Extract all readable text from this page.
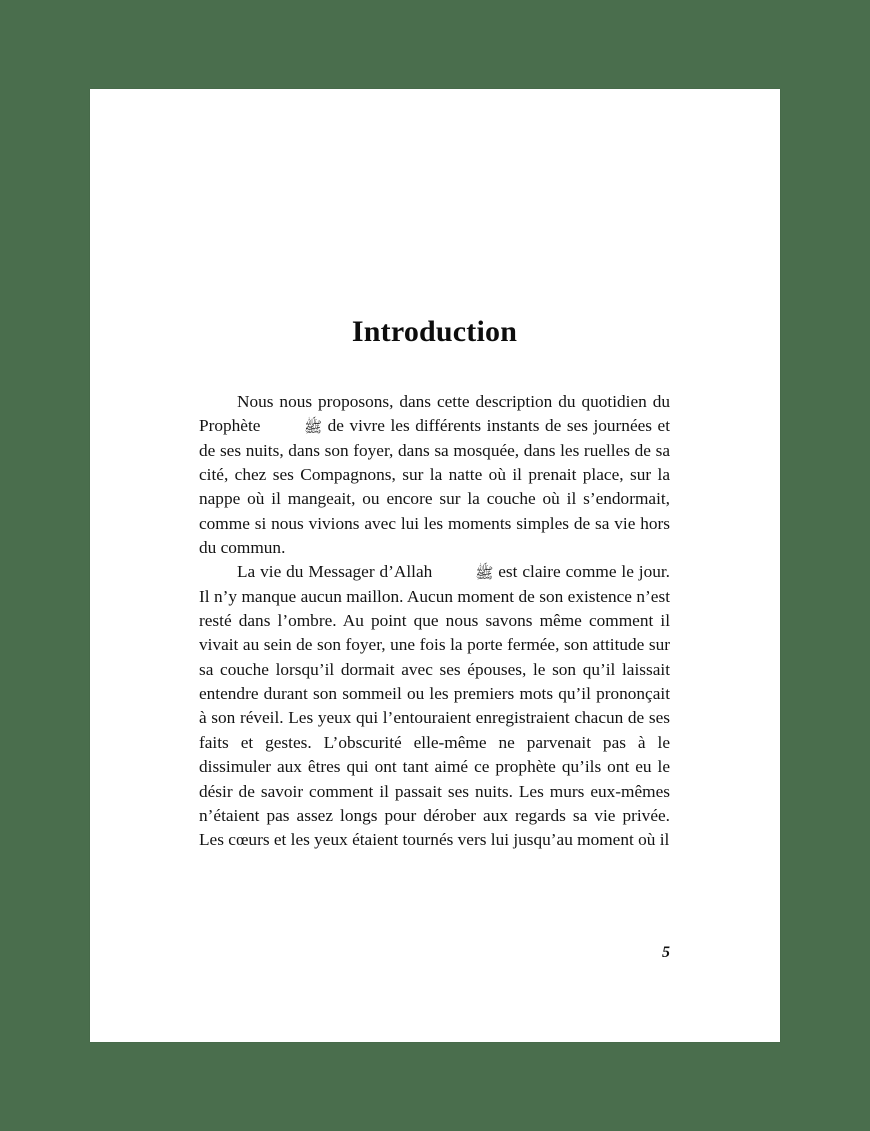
Introduction

Nous nous proposons, dans cette description du quotidien du Prophète	ﷺ de vivre les différents instants de ses journées et de ses nuits, dans son foyer, dans sa mosquée, dans les ruelles de sa cité, chez ses Compagnons, sur la natte où il prenait place, sur la nappe où il mangeait, ou encore sur la couche où il s’endormait, comme si nous vivions avec lui les moments simples de sa vie hors du commun.

La vie du Messager d’Allah	ﷺ est claire comme le jour. Il n’y manque aucun maillon. Aucun moment de son existence n’est resté dans l’ombre. Au point que nous savons même comment il vivait au sein de son foyer, une fois la porte fermée, son attitude sur sa couche lorsqu’il dormait avec ses épouses, le son qu’il laissait entendre durant son sommeil ou les premiers mots qu’il prononçait à son réveil. Les yeux qui l’entouraient enregistraient chacun de ses faits et gestes. L’obscurité elle-même ne parvenait pas à le dissimuler aux êtres qui ont tant aimé ce prophète qu’ils ont eu le désir de savoir comment il passait ses nuits. Les murs eux-mêmes n’étaient pas assez longs pour dérober aux regards sa vie privée. Les cœurs et les yeux étaient tournés vers lui jusqu’au moment où il

5
